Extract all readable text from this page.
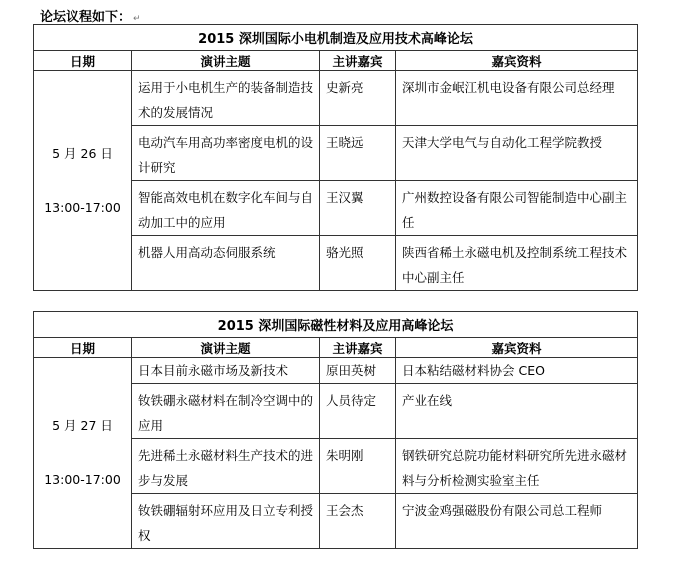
论坛议程如下： ↵
2015 深圳国际小电机制造及应用技术高峰论坛			
日期	演讲主题	主讲嘉宾	嘉宾资料

5 月 26 日
13:00-17:00	运用于小电机生产的装备制造技术的发展情况	史新亮	深圳市金岷江机电设备有限公司总经理
	电动汽车用高功率密度电机的设计研究	王晓远	天津大学电气与自动化工程学院教授
	智能高效电机在数字化车间与自动加工中的应用	王汉翼	广州数控设备有限公司智能制造中心副主任
	机器人用高动态伺服系统	骆光照	陕西省稀土永磁电机及控制系统工程技术中心副主任
2015 深圳国际磁性材料及应用高峰论坛			
日期	演讲主题	主讲嘉宾	嘉宾资料

5 月 27 日
13:00-17:00	日本目前永磁市场及新技术	原田英树	日本粘结磁材料协会 CEO
	钕铁硼永磁材料在制冷空调中的应用	人员待定	产业在线
	先进稀土永磁材料生产技术的进步与发展	朱明刚	钢铁研究总院功能材料研究所先进永磁材料与分析检测实验室主任
	钕铁硼辐射环应用及日立专利授权	王会杰	宁波金鸡强磁股份有限公司总工程师
